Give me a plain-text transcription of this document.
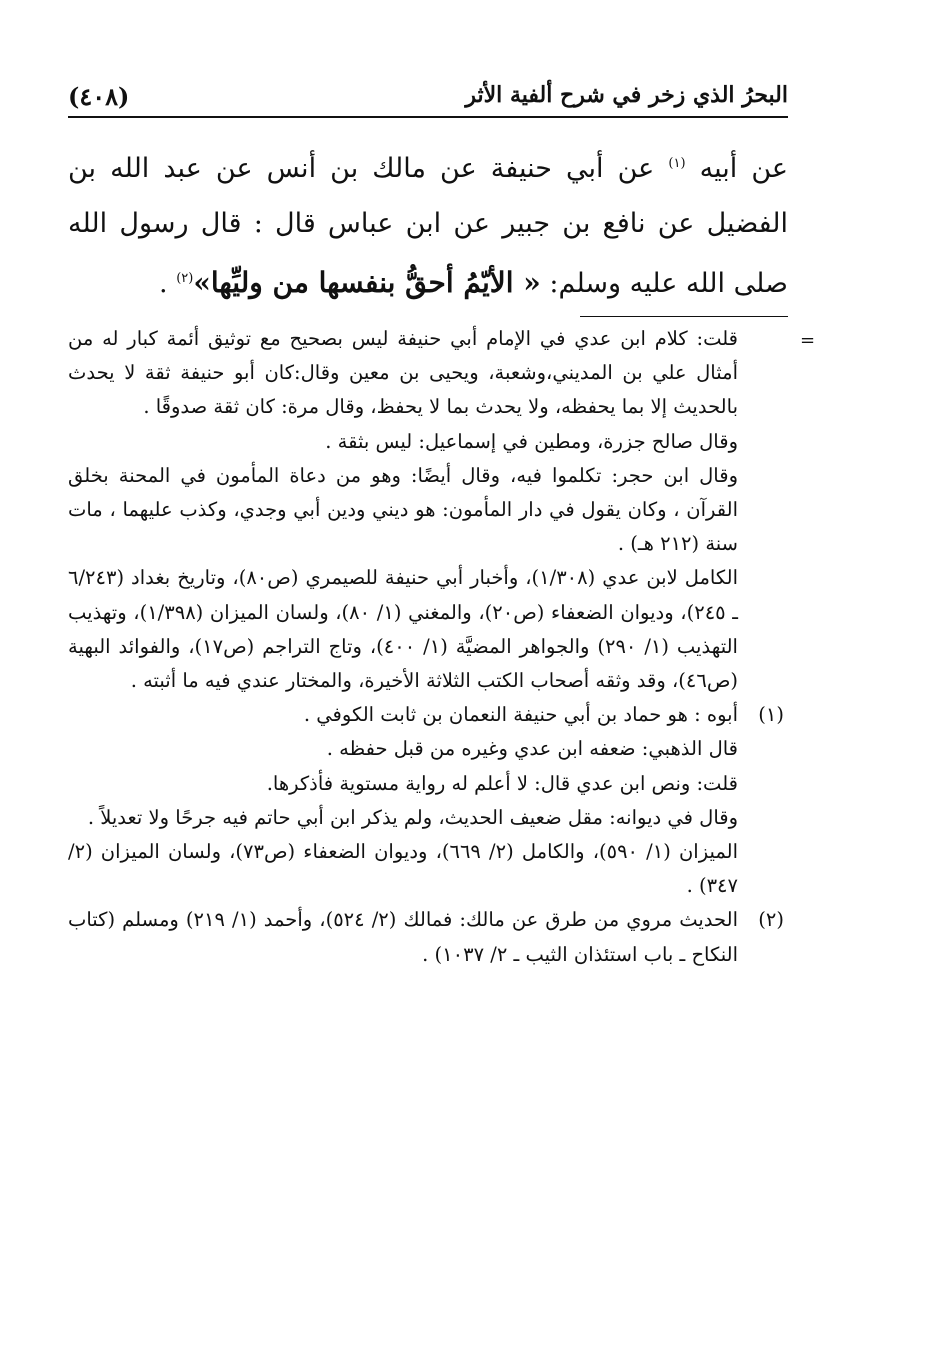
(٤٠٨)	البحرُ الذي زخر في شرح ألفية الأثر

عن أبيه $^{(١)}$ عن أبي حنيفة عن مالك بن أنس عن عبد الله بن الفضيل عن نافع بن جبير عن ابن عباس قال : قال رسول الله صلى الله عليه وسلم: « الأيّمُ أحقُّ بنفسها من وليِّها»$^{(٢)}$ .

=

قلت: كلام ابن عدي في الإمام أبي حنيفة ليس بصحيح مع توثيق أئمة كبار له من أمثال علي بن المديني،وشعبة، ويحيى بن معين وقال:كان أبو حنيفة ثقة لا يحدث بالحديث إلا بما يحفظه، ولا يحدث بما لا يحفظ، وقال مرة: كان ثقة صدوقًا .

وقال صالح جزرة، ومطين في إسماعيل: ليس بثقة .

وقال ابن حجر: تكلموا فيه، وقال أيضًا: وهو من دعاة المأمون في المحنة بخلق القرآن ، وكان يقول في دار المأمون: هو ديني ودين أبي وجدي، وكذب عليهما ، مات سنة (٢١٢ هـ) .

الكامل لابن عدي (١/٣٠٨)، وأخبار أبي حنيفة للصيمري (ص٨٠)، وتاريخ بغداد (٦/٢٤٣ ـ ٢٤٥)، وديوان الضعفاء (ص٢٠)، والمغني (١/ ٨٠)، ولسان الميزان (١/٣٩٨)، وتهذيب التهذيب (١/ ٢٩٠) والجواهر المضيَّة (١/ ٤٠٠)، وتاج التراجم (ص١٧)، والفوائد البهية (ص٤٦)، وقد وثقه أصحاب الكتب الثلاثة الأخيرة، والمختار عندي فيه ما أثبته .

(١)أبوه : هو حماد بن أبي حنيفة النعمان بن ثابت الكوفي .

قال الذهبي: ضعفه ابن عدي وغيره من قبل حفظه .

قلت: ونص ابن عدي قال: لا أعلم له رواية مستوية فأذكرها.

وقال في ديوانه: مقل ضعيف الحديث، ولم يذكر ابن أبي حاتم فيه جرحًا ولا تعديلاً .

الميزان (١/ ٥٩٠)، والكامل (٢/ ٦٦٩)، وديوان الضعفاء (ص٧٣)، ولسان الميزان (٢/ ٣٤٧) .

(٢)الحديث مروي من طرق عن مالك: فمالك (٢/ ٥٢٤)، وأحمد (١/ ٢١٩) ومسلم (كتاب النكاح ـ باب استئذان الثيب ـ ٢/ ١٠٣٧) .
